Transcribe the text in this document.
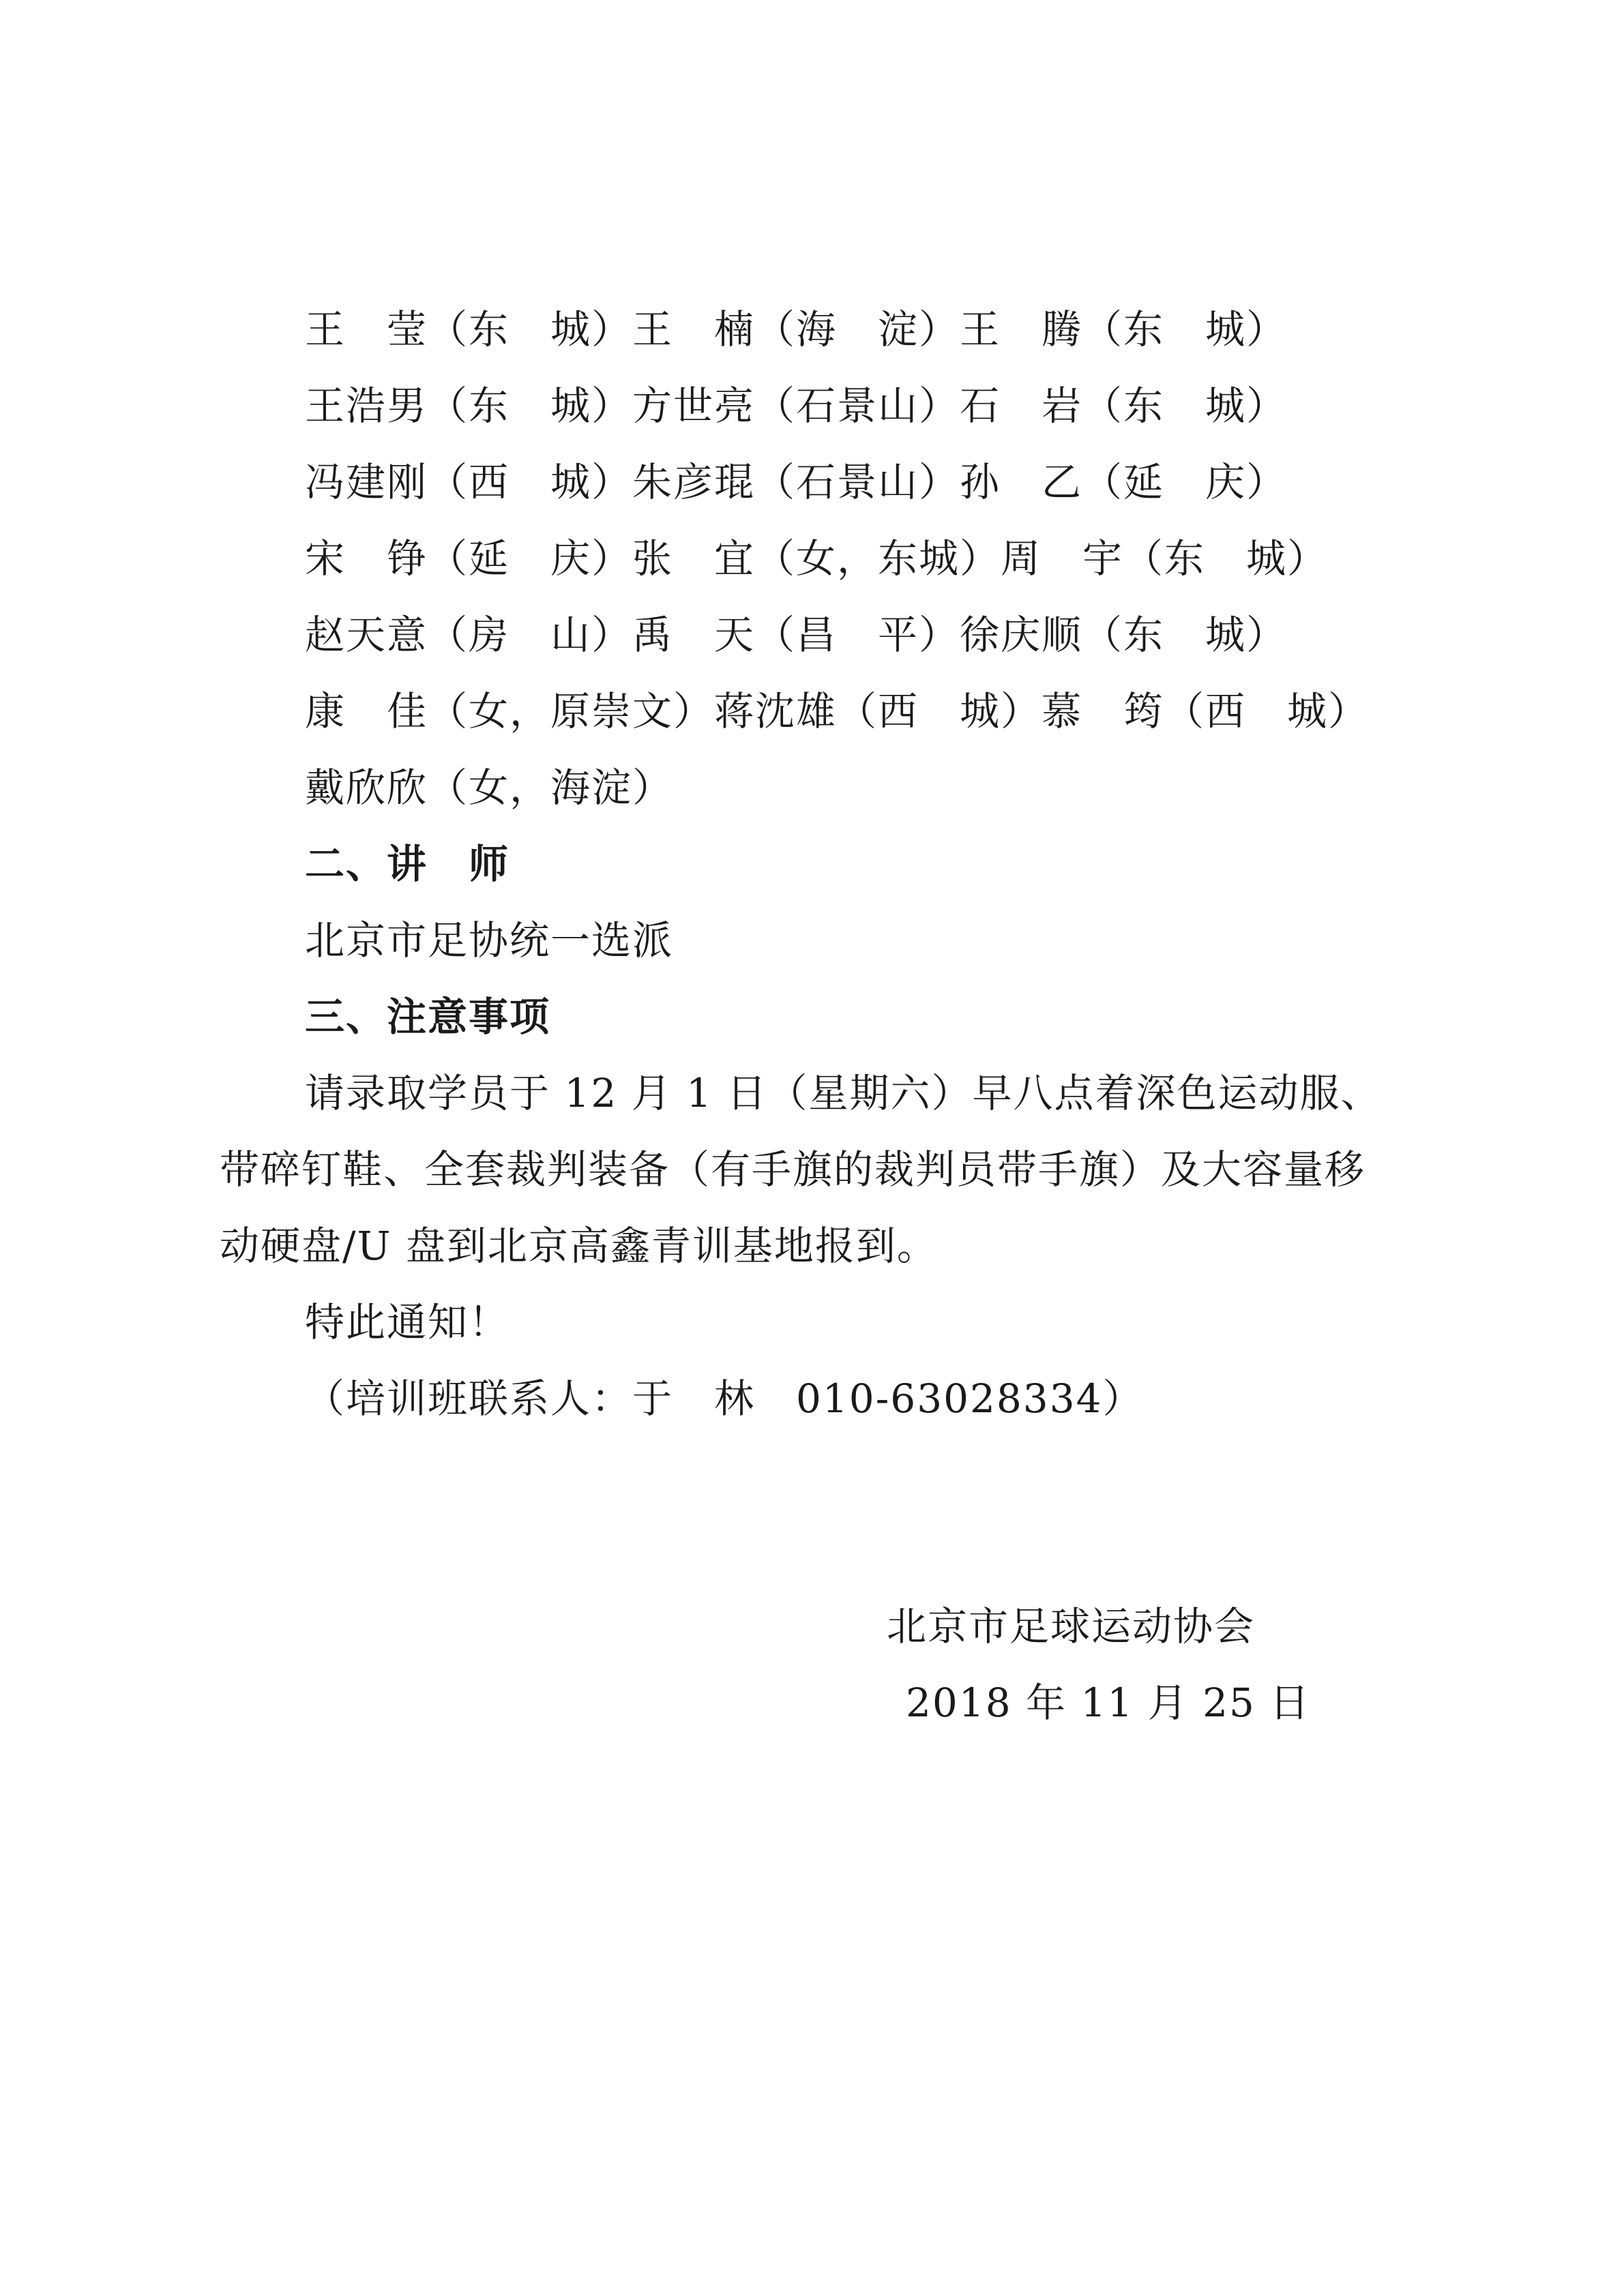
王　莹（东　城）王　楠（海　淀）王　腾（东　城）
王浩男（东　城）方世亮（石景山）石　岩（东　城）
冯建刚（西　城）朱彦琨（石景山）孙　乙（延　庆）
宋　铮（延　庆）张　宜（女，东城）周　宇（东　城）
赵天意（房　山）禹　天（昌　平）徐庆顺（东　城）
康　佳（女，原崇文）蒋沈雄（西　城）慕　筠（西　城）
戴欣欣（女，海淀）
二、讲　师
北京市足协统一选派
三、注意事项
请录取学员于 12 月 1 日（星期六）早八点着深色运动服、
带碎钉鞋、全套裁判装备（有手旗的裁判员带手旗）及大容量移
动硬盘/U 盘到北京高鑫青训基地报到。
特此通知！
（培训班联系人：于　林　010-63028334）
北京市足球运动协会
2018 年 11 月 25 日
